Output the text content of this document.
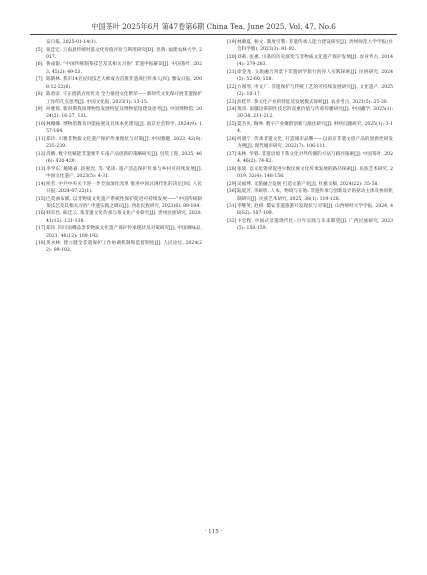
中国茶叶 2025年6月 第47卷第6期 China Tea, June 2025, Vol. 47, No.6
安日报, 2025-01-14(1).
[5] 张佳宏. 云南县传统村落文化价值评价与利用研究[D]. 昆明: 福建农林大学, 2017.
[6] 鲁成银. "中国传统制茶技艺及其相关习俗" 非遗申报解读[J]. 中国茶叶, 2023, 45(2): 49-53.
[7] 陈鹤林. 我市14名民间技艺大师成为首批非遗项目传承人[N]. 雅安日报, 2008-12-22(6).
[8] 陈勇帝. 守正创新点亮作为 全力推进文化繁荣——新时代文化保开展非遗保护工作的几点思考[J]. 中国文化报, 2023(1): 13-15.
[9] 何雅蓉. 新时期我国博物馆发展特征及博物馆馆建设思考[J]. 中国博物馆, 2024(2): 16-27, 131.
[10] 林娜娜. 博物馆教育功能拓展及具体本化建设[J]. 南京社会科学, 2024(9): 157-164.
[11] 郑玲. 川雅非物质文化遗产保护传承现状与对策[J]. 中国雅趣, 2023, 42(9): 235-239.
[12] 肖腾. 数字化赋能非遗要乎车南产品创新的策略研究[J]. 包装工程, 2025, 46(6): 420-429.
[13] 李学东, 鲍晓嘉, 段惠涅, 等. 笔谈: 遗产活态保护传承与乡村可持续发展[J]. 中国文化遗产, 2023(5): 4-31.
[14] 侯若. 中共中央关于进一步全面深化改革 推进中国式现代化的决定[N]. 人民日报, 2024-07-22(1).
[15] 巴莫曲布嫫. 以非物质文化遗产系统性保护促进可持续发展——"中国传统制茶技艺及其相关习俗" 申遗实践之调议[J]. 西北民族研究, 2023(6): 89-104.
[16] 韩军昌, 陈佳云. 茶非遗文化传承与茶文化产业研究[J]. 贵州民族研究, 2020, 41(12): 131-138.
[17] 郑玲. 四川雨峨品类非物质文化遗产保护传承现状及对策研究[J]. 中国调味品, 2021, 46(12): 189-192.
[18] 黄永林. 建立健全非遗保护工作协调机制和监督制度[J]. 人民论坛, 2024(22): 99-102.
[19] 林晴夏, 杨文. 制度引擎: 非遗传承人能力建设研究[J]. 贵州师范大学学报(社会科学版), 2023(3): 81-92.
[20] 刘莉, 张惠. 川茶的历史演变与非物质文化遗产保护发展[J]. 农业考古, 2014(4): 279-283.
[21] 徐金龙. 文旅融合背景下非遗研学旅行的育人实践探索[J]. 民俗研究, 2024(5): 52-60, 158.
[22] 方闻琴, 申文广. 非遗保护与传统工艺的可持续发展研究[J]. 文化遗产, 2025(2): 10-17.
[23] 彭桂芹. 茶文化产业的特征及发展模式探析[J]. 农业考古, 2021(5): 25-30.
[24] 黄涛. 南疆边茶制作技艺的双重价值与传承传播研究[J]. 中国藏学, 2025(1): 30-38, 211-212.
[25] 夏杰贝, 陶坤. 数字产业聚群创新与演化研究[J]. 财经问题研究, 2025(1): 3-14.
[26] 何晓宁. 传承非遗文化, 打造城市品牌——以南京非遗文创产品的创新性研发为例[J]. 现代城市研究, 2022(7): 106-111.
[27] 朱林, 华蓉. 非遗语境下茶文化对外传播的方法与路径探索[J]. 中国茶叶, 2024, 46(2): 74-82.
[28] 张骁. 以文化资骨促进少数民族文化传承发展的路径探索[J]. 民族艺术研究, 2019, 32(4): 148-156.
[29] 吴福坤. 文旅融合发展 打造文旅产业[J]. 红旗文稿, 2024(22): 35-38.
[30] 陆爱芳, 李研欣. 人本、物境与在地: 非遗传承与创新设计的驱动主体及协同机制研究[J]. 民族艺术研究, 2025, 38(1): 119-128.
[31] 李继英, 赵祺. 蜀安非遗旅游开发现状与对策[J]. 山西财经大学学报, 2024, 46(S2): 107-109.
[32] 卞宏程. 中国式非遗现代化: 百年实践与未来期望[J]. 广西民族研究, 2023(5): 150-159.
· 115 ·
